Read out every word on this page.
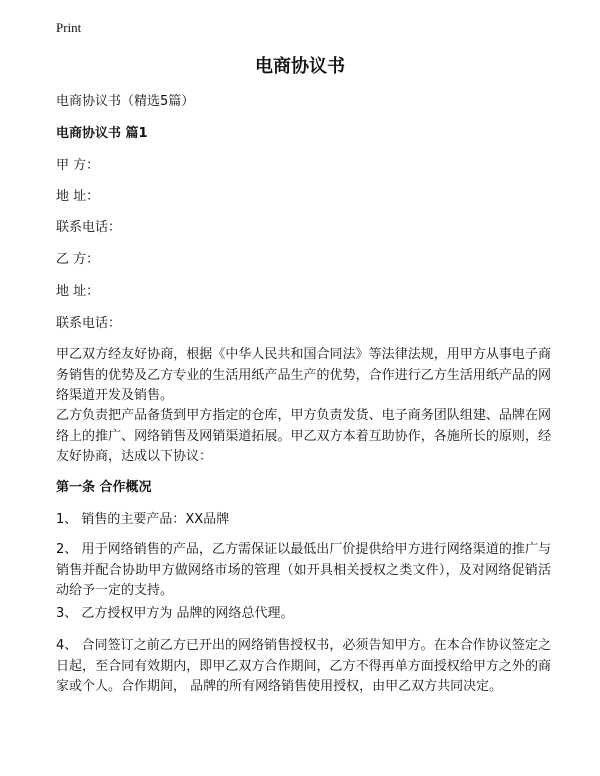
Print
电商协议书

电商协议书（精选5篇）

电商协议书 篇1

甲 方：

地 址：

联系电话：

乙 方：

地 址：

联系电话：

甲乙双方经友好协商，根据《中华人民共和国合同法》等法律法规，用甲方从事电子商务销售的优势及乙方专业的生活用纸产品生产的优势，合作进行乙方生活用纸产品的网络渠道开发及销售。

乙方负责把产品备货到甲方指定的仓库，甲方负责发货、电子商务团队组建、品牌在网络上的推广、网络销售及网销渠道拓展。甲乙双方本着互助协作，各施所长的原则，经友好协商，达成以下协议：

第一条 合作概况

1、 销售的主要产品：XX品牌

2、 用于网络销售的产品，乙方需保证以最低出厂价提供给甲方进行网络渠道的推广与销售并配合协助甲方做网络市场的管理（如开具相关授权之类文件），及对网络促销活动给予一定的支持。

3、 乙方授权甲方为 品牌的网络总代理。

4、 合同签订之前乙方已开出的网络销售授权书，必须告知甲方。在本合作协议签定之日起，至合同有效期内，即甲乙双方合作期间，乙方不得再单方面授权给甲方之外的商家或个人。合作期间， 品牌的所有网络销售使用授权，由甲乙双方共同决定。
